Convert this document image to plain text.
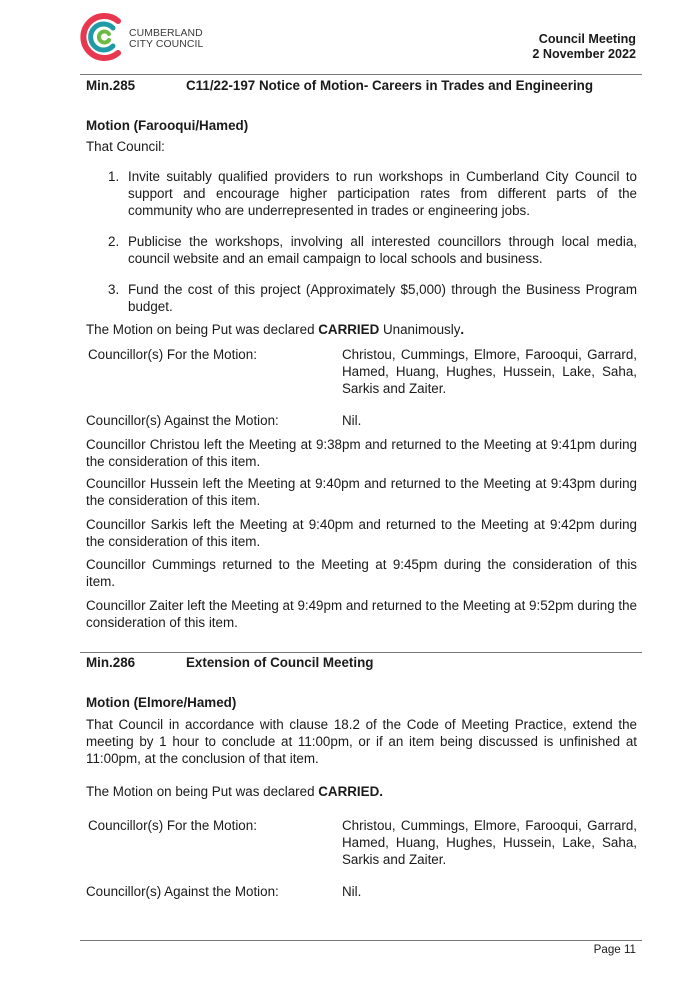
CUMBERLAND
CITY COUNCIL	Council Meeting
2 November 2022
Min.285	C11/22-197 Notice of Motion- Careers in Trades and Engineering
Motion (Farooqui/Hamed)
That Council:
1. Invite suitably qualified providers to run workshops in Cumberland City Council to support and encourage higher participation rates from different parts of the community who are underrepresented in trades or engineering jobs.
2. Publicise the workshops, involving all interested councillors through local media, council website and an email campaign to local schools and business.
3. Fund the cost of this project (Approximately $5,000) through the Business Program budget.
The Motion on being Put was declared CARRIED Unanimously.
Councillor(s) For the Motion:	Christou, Cummings, Elmore, Farooqui, Garrard, Hamed, Huang, Hughes, Hussein, Lake, Saha, Sarkis and Zaiter.
Councillor(s) Against the Motion:	Nil.
Councillor Christou left the Meeting at 9:38pm and returned to the Meeting at 9:41pm during the consideration of this item.
Councillor Hussein left the Meeting at 9:40pm and returned to the Meeting at 9:43pm during the consideration of this item.
Councillor Sarkis left the Meeting at 9:40pm and returned to the Meeting at 9:42pm during the consideration of this item.
Councillor Cummings returned to the Meeting at 9:45pm during the consideration of this item.
Councillor Zaiter left the Meeting at 9:49pm and returned to the Meeting at 9:52pm during the consideration of this item.
Min.286	Extension of Council Meeting
Motion (Elmore/Hamed)
That Council in accordance with clause 18.2 of the Code of Meeting Practice, extend the meeting by 1 hour to conclude at 11:00pm, or if an item being discussed is unfinished at 11:00pm, at the conclusion of that item.
The Motion on being Put was declared CARRIED.
Councillor(s) For the Motion:	Christou, Cummings, Elmore, Farooqui, Garrard, Hamed, Huang, Hughes, Hussein, Lake, Saha, Sarkis and Zaiter.
Councillor(s) Against the Motion:	Nil.
Page 11
